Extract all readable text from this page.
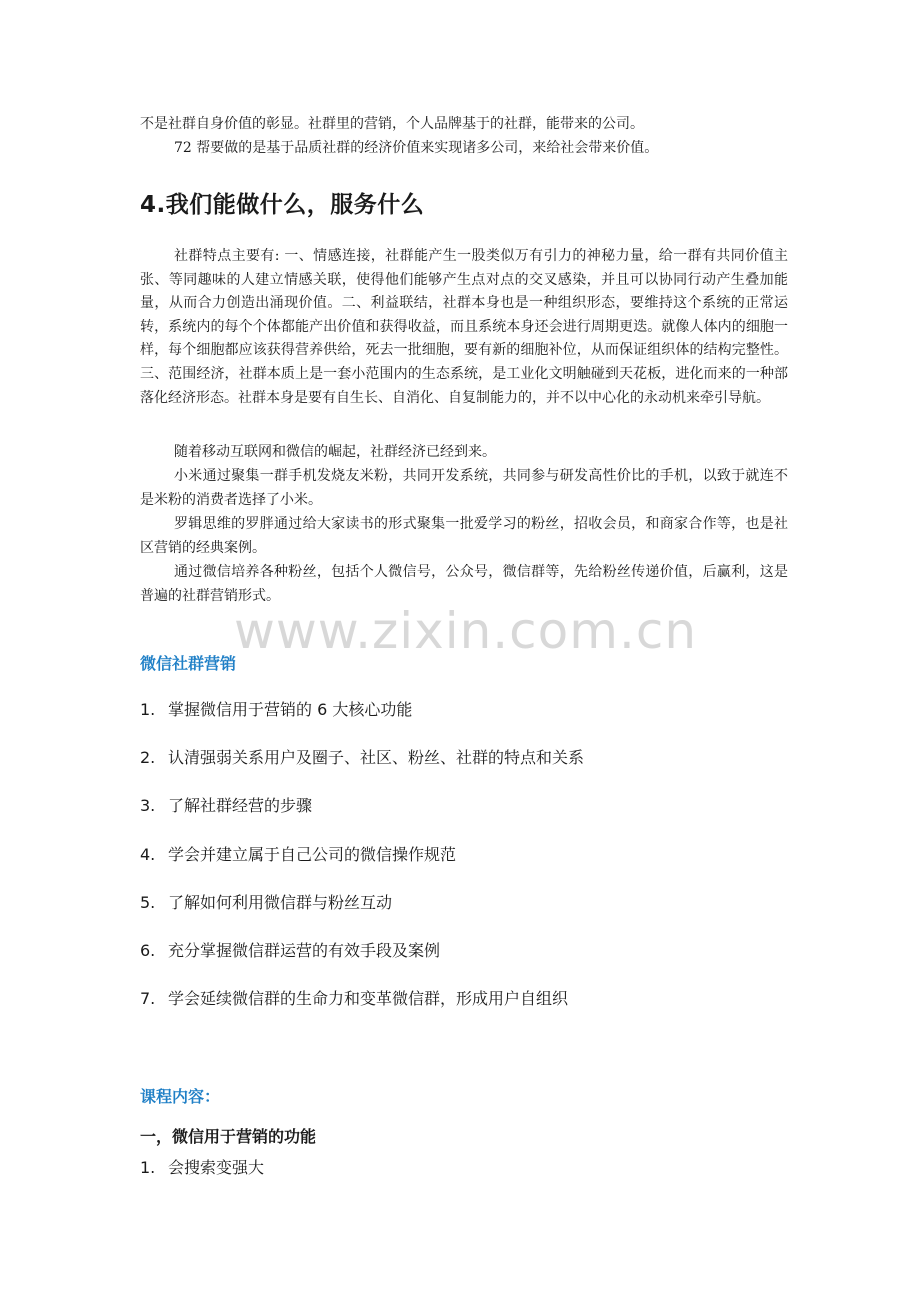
不是社群自身价值的彰显。社群里的营销，个人品牌基于的社群，能带来的公司。

72 帮要做的是基于品质社群的经济价值来实现诸多公司，来给社会带来价值。

4.我们能做什么，服务什么

社群特点主要有: 一、情感连接，社群能产生一股类似万有引力的神秘力量，给一群有共同价值主张、等同趣味的人建立情感关联，使得他们能够产生点对点的交叉感染，并且可以协同行动产生叠加能量，从而合力创造出涌现价值。二、利益联结，社群本身也是一种组织形态，要维持这个系统的正常运转，系统内的每个个体都能产出价值和获得收益，而且系统本身还会进行周期更迭。就像人体内的细胞一样，每个细胞都应该获得营养供给，死去一批细胞，要有新的细胞补位，从而保证组织体的结构完整性。三、范围经济，社群本质上是一套小范围内的生态系统，是工业化文明触碰到天花板，进化而来的一种部落化经济形态。社群本身是要有自生长、自消化、自复制能力的，并不以中心化的永动机来牵引导航。

随着移动互联网和微信的崛起，社群经济已经到来。

小米通过聚集一群手机发烧友米粉，共同开发系统，共同参与研发高性价比的手机，以致于就连不是米粉的消费者选择了小米。

罗辑思维的罗胖通过给大家读书的形式聚集一批爱学习的粉丝，招收会员，和商家合作等，也是社区营销的经典案例。

通过微信培养各种粉丝，包括个人微信号，公众号，微信群等，先给粉丝传递价值，后赢利，这是普遍的社群营销形式。

www.zixin.com.cn
微信社群营销

1. 掌握微信用于营销的 6 大核心功能

2. 认清强弱关系用户及圈子、社区、粉丝、社群的特点和关系

3. 了解社群经营的步骤

4. 学会并建立属于自己公司的微信操作规范

5. 了解如何利用微信群与粉丝互动

6. 充分掌握微信群运营的有效手段及案例

7. 学会延续微信群的生命力和变革微信群，形成用户自组织

课程内容：
一，微信用于营销的功能

1. 会搜索变强大
